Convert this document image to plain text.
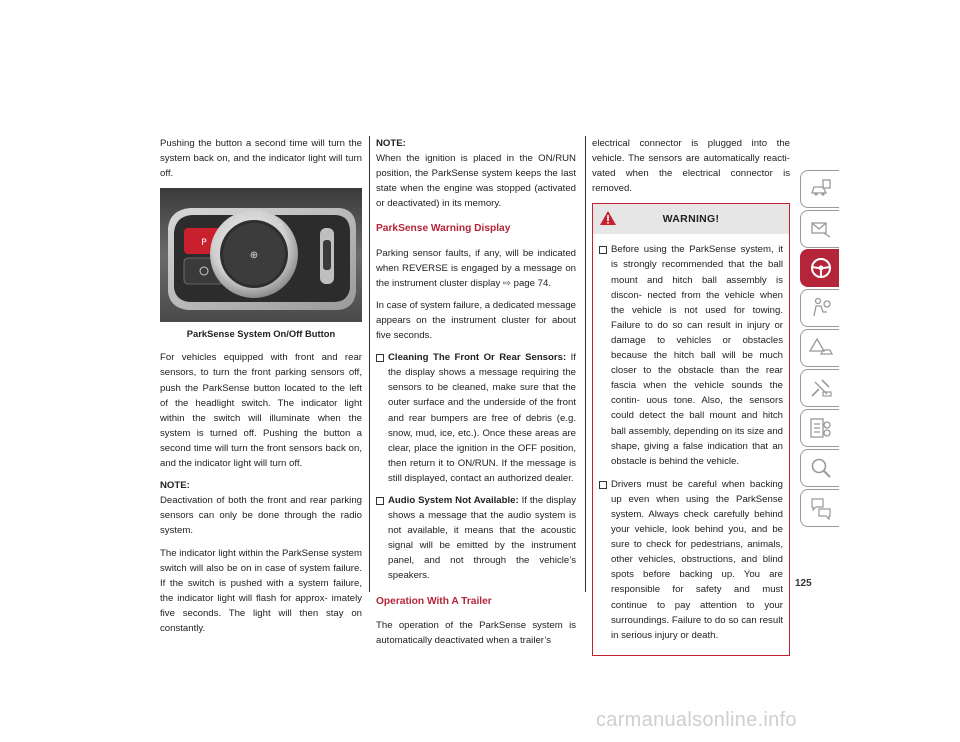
Pushing the button a second time will turn the system back on, and the indicator light will turn off.

P
⊕
0
≈
≡
ParkSense System On/Off Button

For vehicles equipped with front and rear sensors, to turn the front parking sensors off, push the ParkSense button located to the left of the headlight switch. The indicator light within the switch will illuminate when the system is turned off. Pushing the button a second time will turn the front sensors back on, and the indicator light will turn off.

NOTE:

Deactivation of both the front and rear parking sensors can only be done through the radio system.

The indicator light within the ParkSense system switch will also be on in case of system failure. If the switch is pushed with a system failure, the indicator light will flash for approx- imately five seconds. The light will then stay on constantly.

NOTE:

When the ignition is placed in the ON/RUN position, the ParkSense system keeps the last state when the engine was stopped (activated or deactivated) in its memory.

ParkSense Warning Display

Parking sensor faults, if any, will be indicated when REVERSE is engaged by a message on the instrument cluster display ⇨ page 74.

In case of system failure, a dedicated message appears on the instrument cluster for about five seconds.

Cleaning The Front Or Rear Sensors: If the display shows a message requiring the sensors to be cleaned, make sure that the outer surface and the underside of the front and rear bumpers are free of debris (e.g. snow, mud, ice, etc.). Once these areas are clear, place the ignition in the OFF position, then return it to ON/RUN. If the message is still displayed, contact an authorized dealer.
Audio System Not Available: If the display shows a message that the audio system is not available, it means that the acoustic signal will be emitted by the instrument panel, and not through the vehicle’s speakers.
Operation With A Trailer

The operation of the ParkSense system is automatically deactivated when a trailer’s

electrical connector is plugged into the vehicle. The sensors are automatically reacti- vated when the electrical connector is removed.

WARNING!
Before using the ParkSense system, it is strongly recommended that the ball mount and hitch ball assembly is discon- nected from the vehicle when the vehicle is not used for towing. Failure to do so can result in injury or damage to vehicles or obstacles because the hitch ball will be much closer to the obstacle than the rear fascia when the vehicle sounds the contin- uous tone. Also, the sensors could detect the ball mount and hitch ball assembly, depending on its size and shape, giving a false indication that an obstacle is behind the vehicle.
Drivers must be careful when backing up even when using the ParkSense system. Always check carefully behind your vehicle, look behind you, and be sure to check for pedestrians, animals, other vehicles, obstructions, and blind spots before backing up. You are responsible for safety and must continue to pay attention to your surroundings. Failure to do so can result in serious injury or death.
125
carmanualsonline.info
